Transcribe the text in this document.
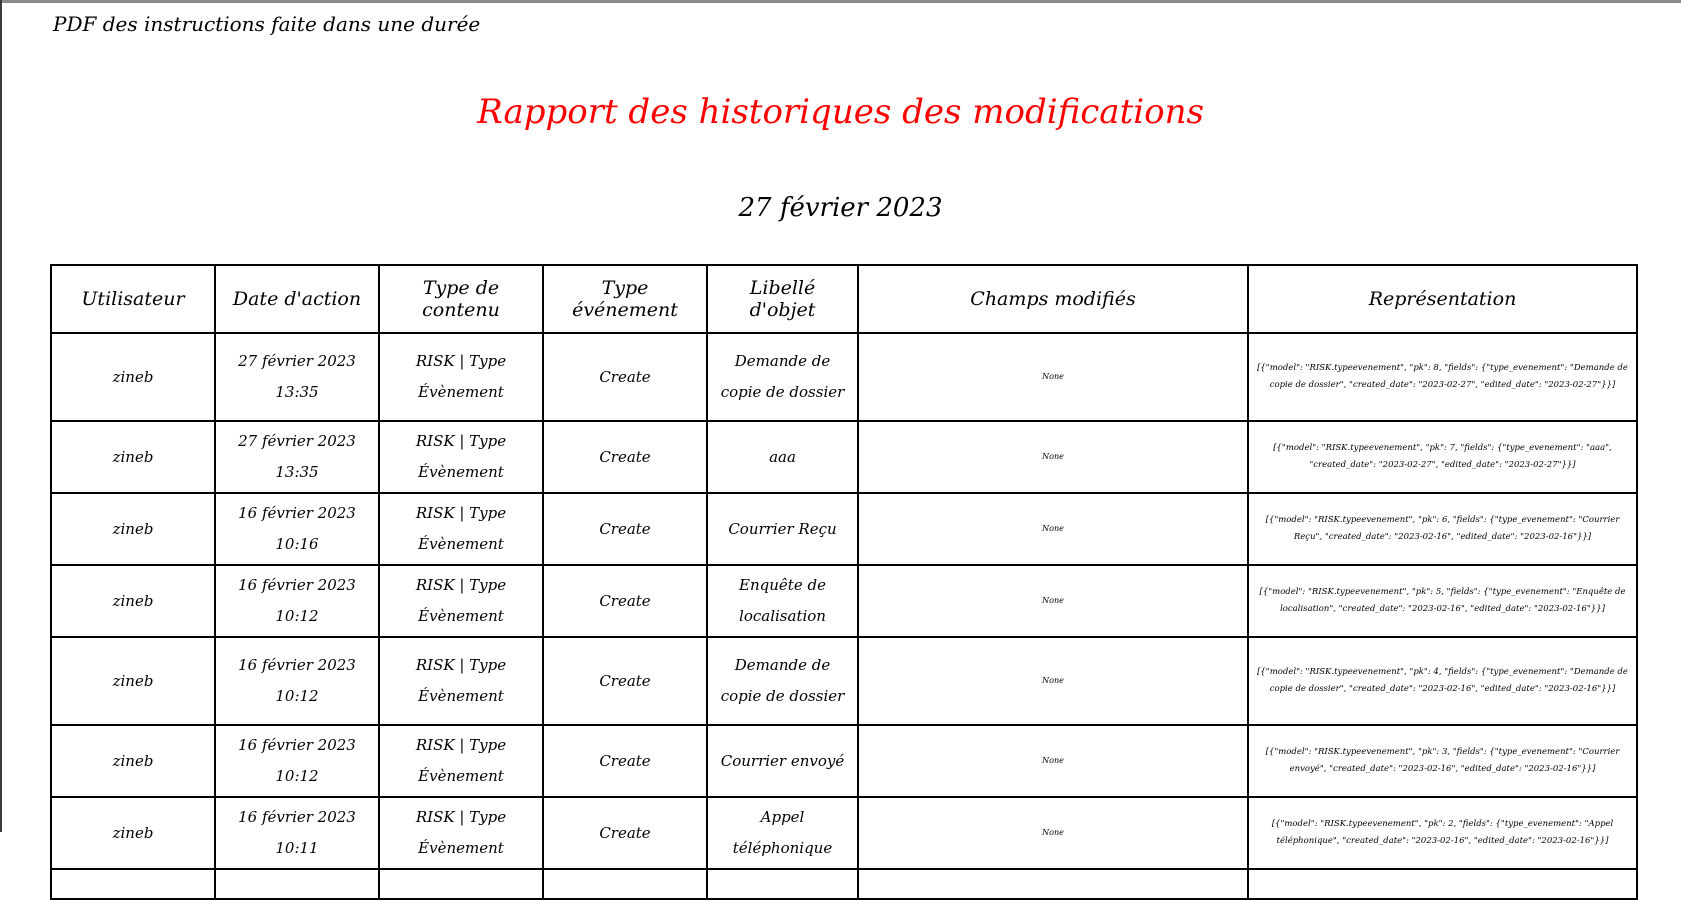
PDF des instructions faite dans une durée
Rapport des historiques des modifications
27 février 2023
Utilisateur	Date d'action	Type de contenu	Type événement	Libellé d'objet	Champs modifiés	Représentation
zineb	27 février 2023 13:35	RISK | Type Évènement	Create	Demande de copie de dossier	None	[{"model": "RISK.typeevenement", "pk": 8, "fields": {"type_evenement": "Demande de copie de dossier", "created_date": "2023-02-27", "edited_date": "2023-02-27"}}]
zineb	27 février 2023 13:35	RISK | Type Évènement	Create	aaa	None	[{"model": "RISK.typeevenement", "pk": 7, "fields": {"type_evenement": "aaa", "created_date": "2023-02-27", "edited_date": "2023-02-27"}}]
zineb	16 février 2023 10:16	RISK | Type Évènement	Create	Courrier Reçu	None	[{"model": "RISK.typeevenement", "pk": 6, "fields": {"type_evenement": "Courrier Reçu", "created_date": "2023-02-16", "edited_date": "2023-02-16"}}]
zineb	16 février 2023 10:12	RISK | Type Évènement	Create	Enquête de localisation	None	[{"model": "RISK.typeevenement", "pk": 5, "fields": {"type_evenement": "Enquête de localisation", "created_date": "2023-02-16", "edited_date": "2023-02-16"}}]
zineb	16 février 2023 10:12	RISK | Type Évènement	Create	Demande de copie de dossier	None	[{"model": "RISK.typeevenement", "pk": 4, "fields": {"type_evenement": "Demande de copie de dossier", "created_date": "2023-02-16", "edited_date": "2023-02-16"}}]
zineb	16 février 2023 10:12	RISK | Type Évènement	Create	Courrier envoyé	None	[{"model": "RISK.typeevenement", "pk": 3, "fields": {"type_evenement": "Courrier envoyé", "created_date": "2023-02-16", "edited_date": "2023-02-16"}}]
zineb	16 février 2023 10:11	RISK | Type Évènement	Create	Appel téléphonique	None	[{"model": "RISK.typeevenement", "pk": 2, "fields": {"type_evenement": "Appel téléphonique", "created_date": "2023-02-16", "edited_date": "2023-02-16"}}]
